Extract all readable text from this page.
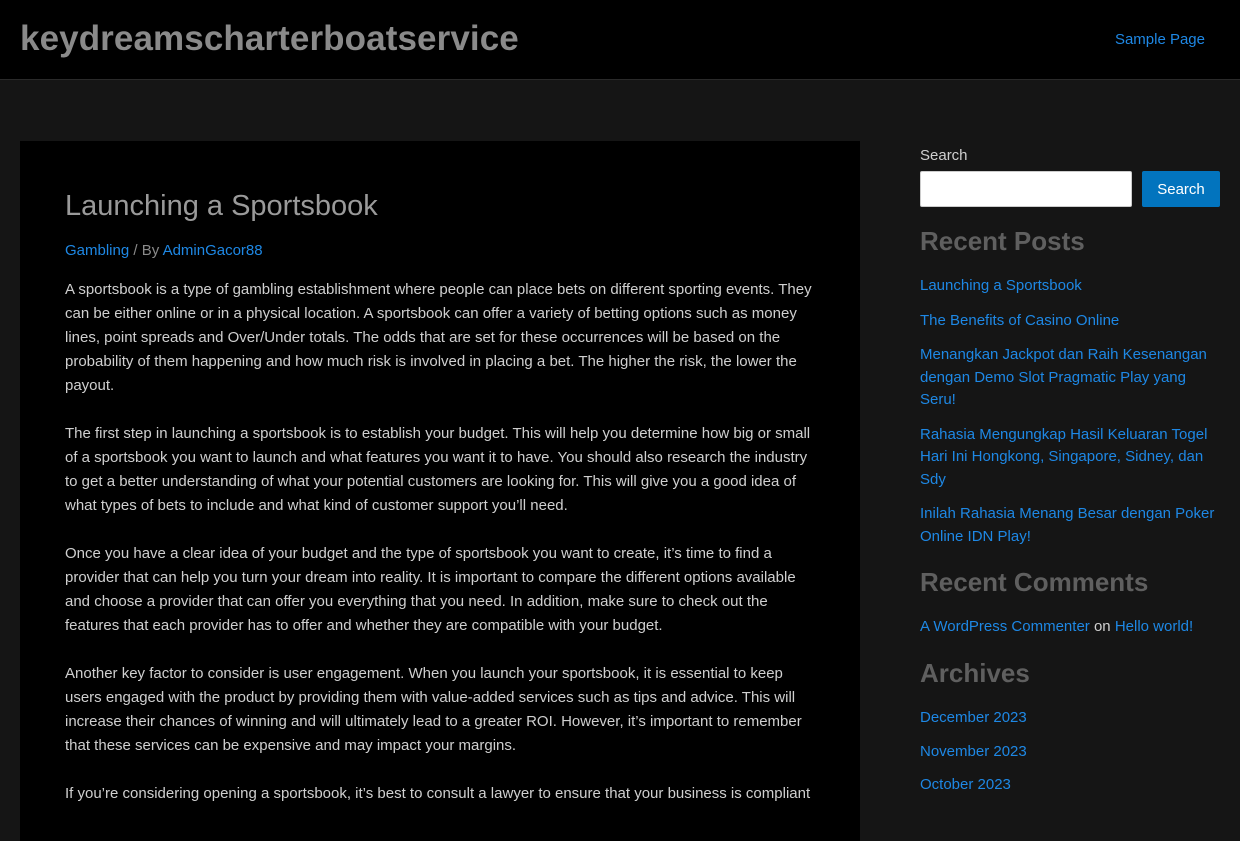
keydreamscharterboatservice	Sample Page
Launching a Sportsbook
Gambling / By AdminGacor88

A sportsbook is a type of gambling establishment where people can place bets on different sporting events. They can be either online or in a physical location. A sportsbook can offer a variety of betting options such as money lines, point spreads and Over/Under totals. The odds that are set for these occurrences will be based on the probability of them happening and how much risk is involved in placing a bet. The higher the risk, the lower the payout.

The first step in launching a sportsbook is to establish your budget. This will help you determine how big or small of a sportsbook you want to launch and what features you want it to have. You should also research the industry to get a better understanding of what your potential customers are looking for. This will give you a good idea of what types of bets to include and what kind of customer support you’ll need.

Once you have a clear idea of your budget and the type of sportsbook you want to create, it’s time to find a provider that can help you turn your dream into reality. It is important to compare the different options available and choose a provider that can offer you everything that you need. In addition, make sure to check out the features that each provider has to offer and whether they are compatible with your budget.

Another key factor to consider is user engagement. When you launch your sportsbook, it is essential to keep users engaged with the product by providing them with value-added services such as tips and advice. This will increase their chances of winning and will ultimately lead to a greater ROI. However, it’s important to remember that these services can be expensive and may impact your margins.

If you’re considering opening a sportsbook, it’s best to consult a lawyer to ensure that your business is compliant

Search
Search
Recent Posts
Launching a Sportsbook
The Benefits of Casino Online
Menangkan Jackpot dan Raih Kesenangan dengan Demo Slot Pragmatic Play yang Seru!
Rahasia Mengungkap Hasil Keluaran Togel Hari Ini Hongkong, Singapore, Sidney, dan Sdy
Inilah Rahasia Menang Besar dengan Poker Online IDN Play!
Recent Comments
A WordPress Commenter on Hello world!
Archives
December 2023
November 2023
October 2023
